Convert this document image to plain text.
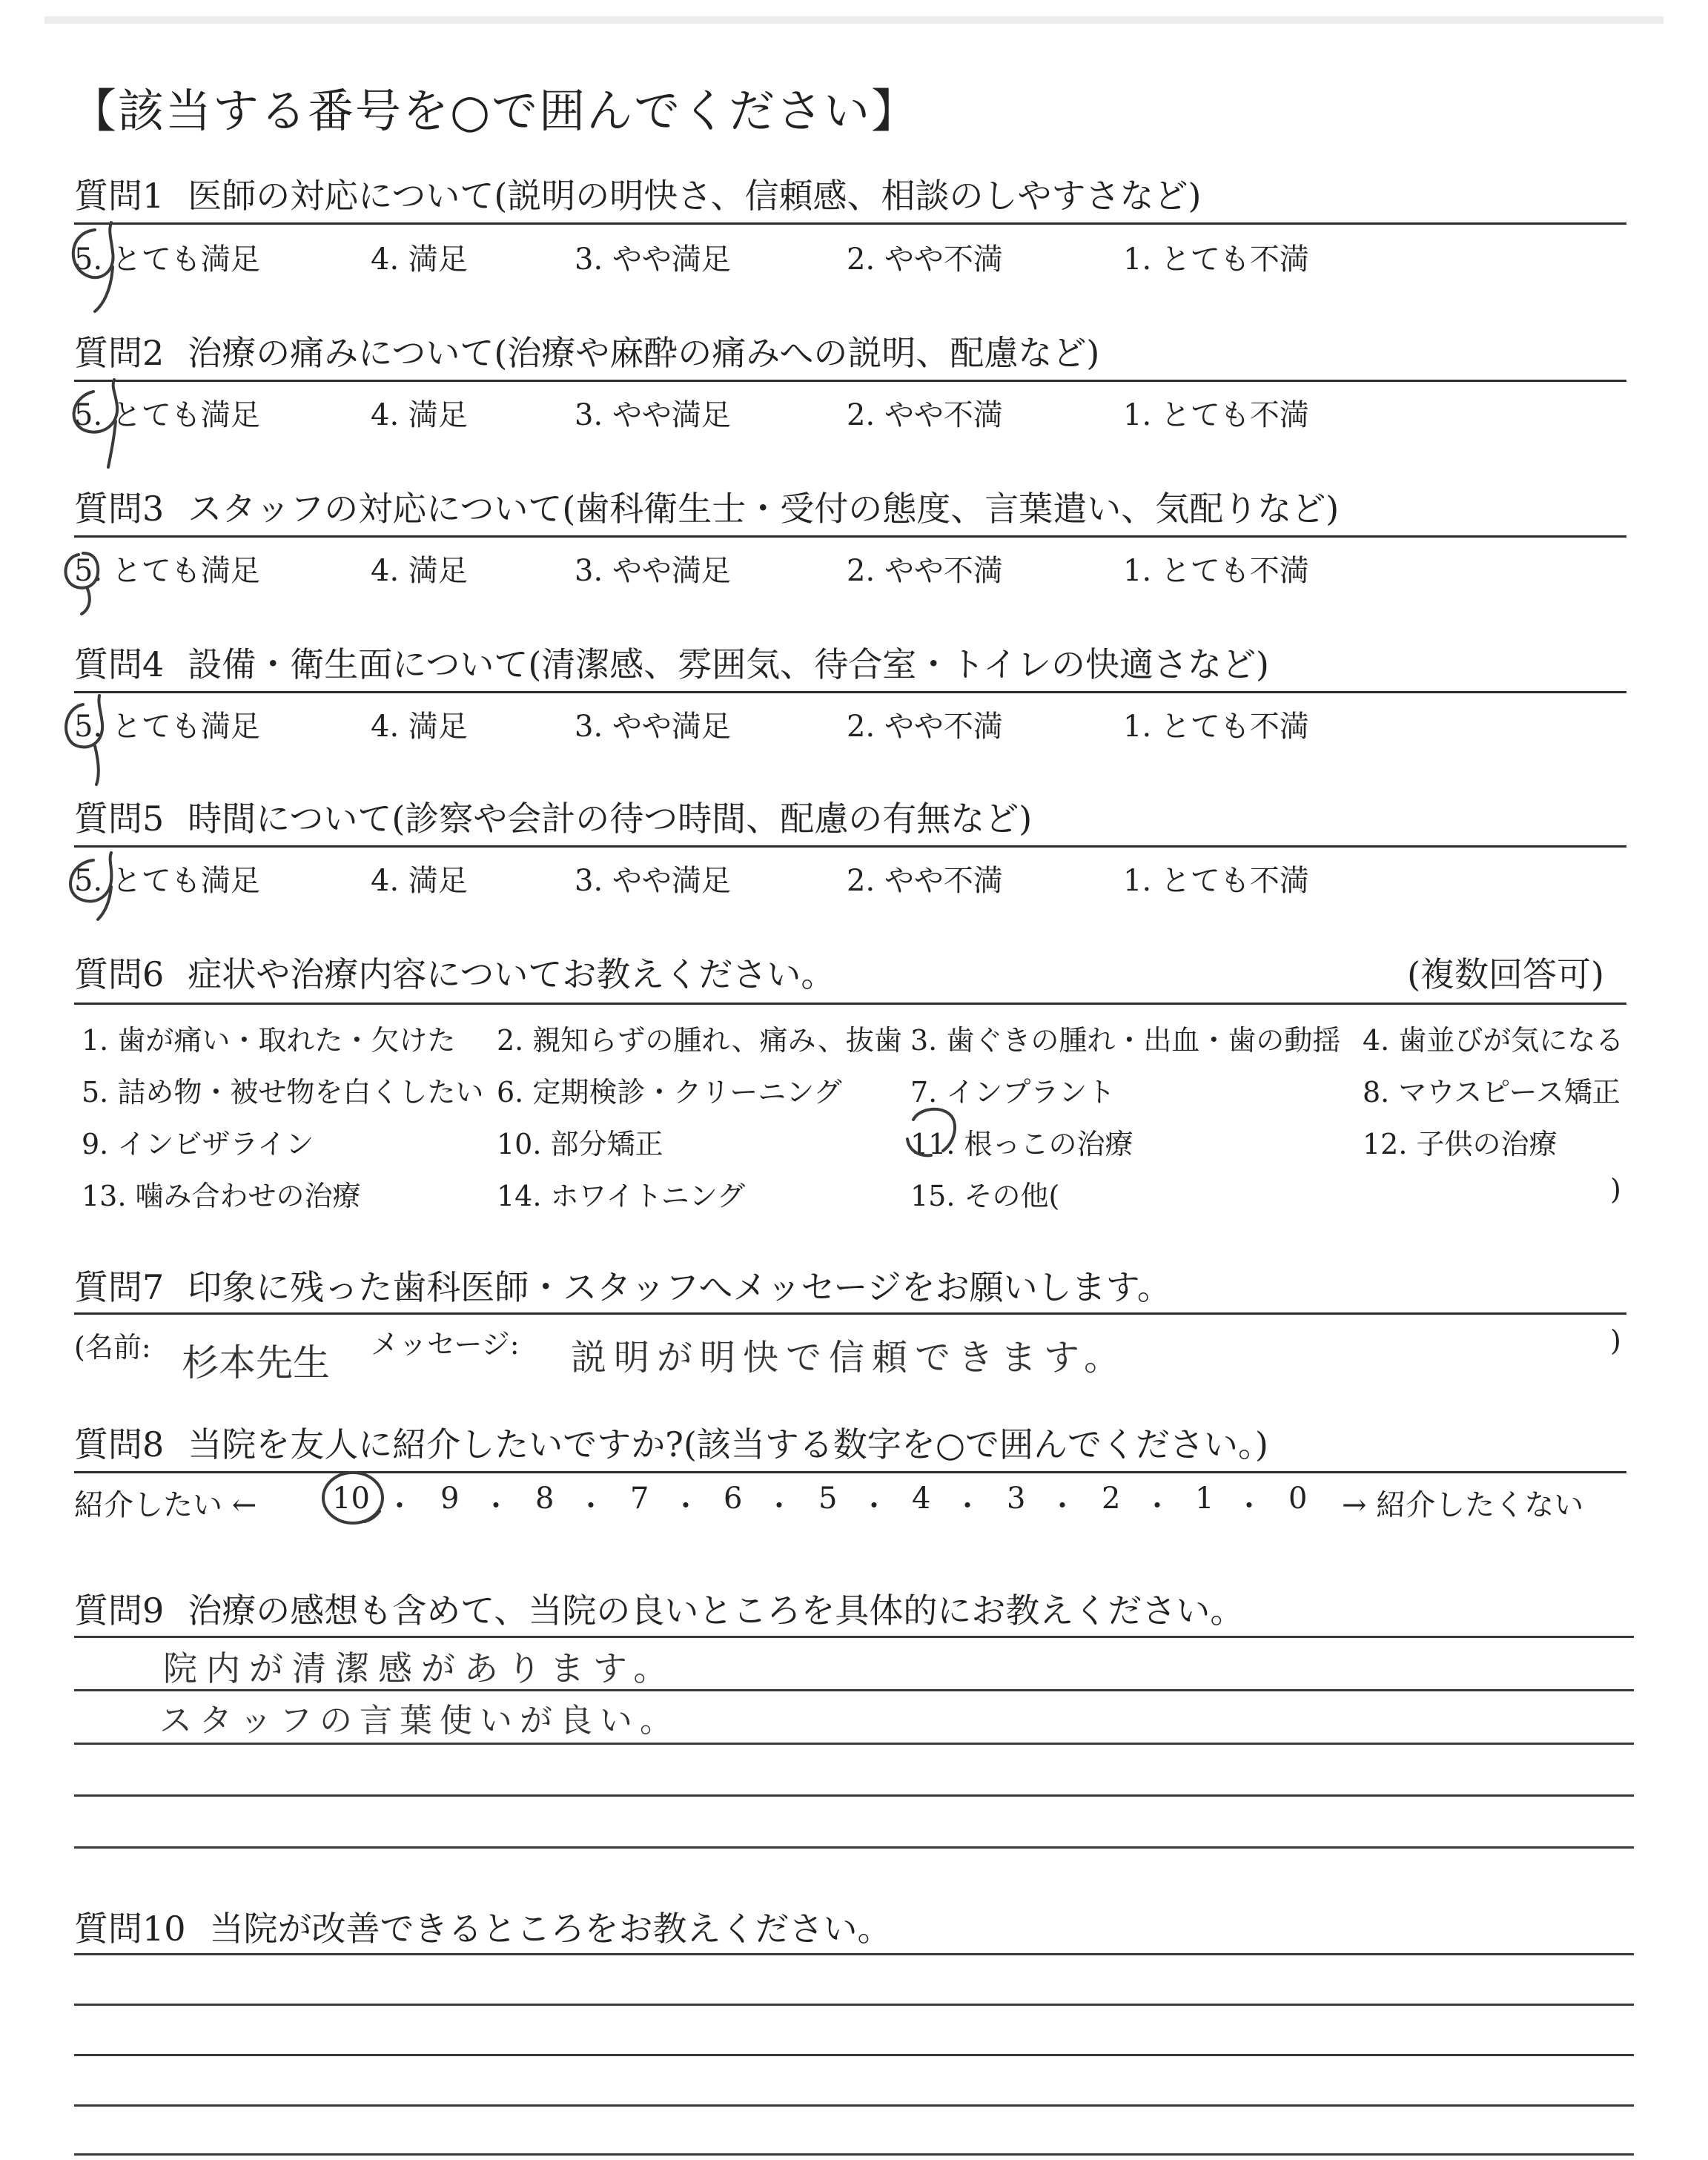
【該当する番号を○で囲んでください】
質問1 医師の対応について(説明の明快さ、信頼感、相談のしやすさなど)
5. とても満足	4. 満足	3. やや満足	2. やや不満	1. とても不満
質問2 治療の痛みについて(治療や麻酔の痛みへの説明、配慮など)
5. とても満足	4. 満足	3. やや満足	2. やや不満	1. とても不満
質問3 スタッフの対応について(歯科衛生士・受付の態度、言葉遣い、気配りなど)
5. とても満足	4. 満足	3. やや満足	2. やや不満	1. とても不満
質問4 設備・衛生面について(清潔感、雰囲気、待合室・トイレの快適さなど)
5. とても満足	4. 満足	3. やや満足	2. やや不満	1. とても不満
質問5 時間について(診察や会計の待つ時間、配慮の有無など)
5. とても満足	4. 満足	3. やや満足	2. やや不満	1. とても不満
質問6 症状や治療内容についてお教えください。	(複数回答可)
1. 歯が痛い・取れた・欠けた 2. 親知らずの腫れ、痛み、抜歯 3. 歯ぐきの腫れ・出血・歯の動揺 4. 歯並びが気になる
5. 詰め物・被せ物を白くしたい 6. 定期検診・クリーニング 7. インプラント	8. マウスピース矯正
9. インビザライン	10. 部分矯正	11. 根っこの治療	12. 子供の治療
13. 噛み合わせの治療	14. ホワイトニング	15. その他(	)
質問7 印象に残った歯科医師・スタッフへメッセージをお願いします。
(名前: 杉本先生 メッセージ: 説明が明快で信頼できます。	)
質問8 当院を友人に紹介したいですか?(該当する数字を○で囲んでください。)
紹介したい ←	10 ・ 9 ・ 8 ・ 7 ・ 6 ・ 5 ・ 4 ・ 3 ・ 2 ・ 1 ・ 0 → 紹介したくない
質問9 治療の感想も含めて、当院の良いところを具体的にお教えください。
院内が清潔感があります。
スタッフの言葉使いが良い。
質問10 当院が改善できるところをお教えください。
